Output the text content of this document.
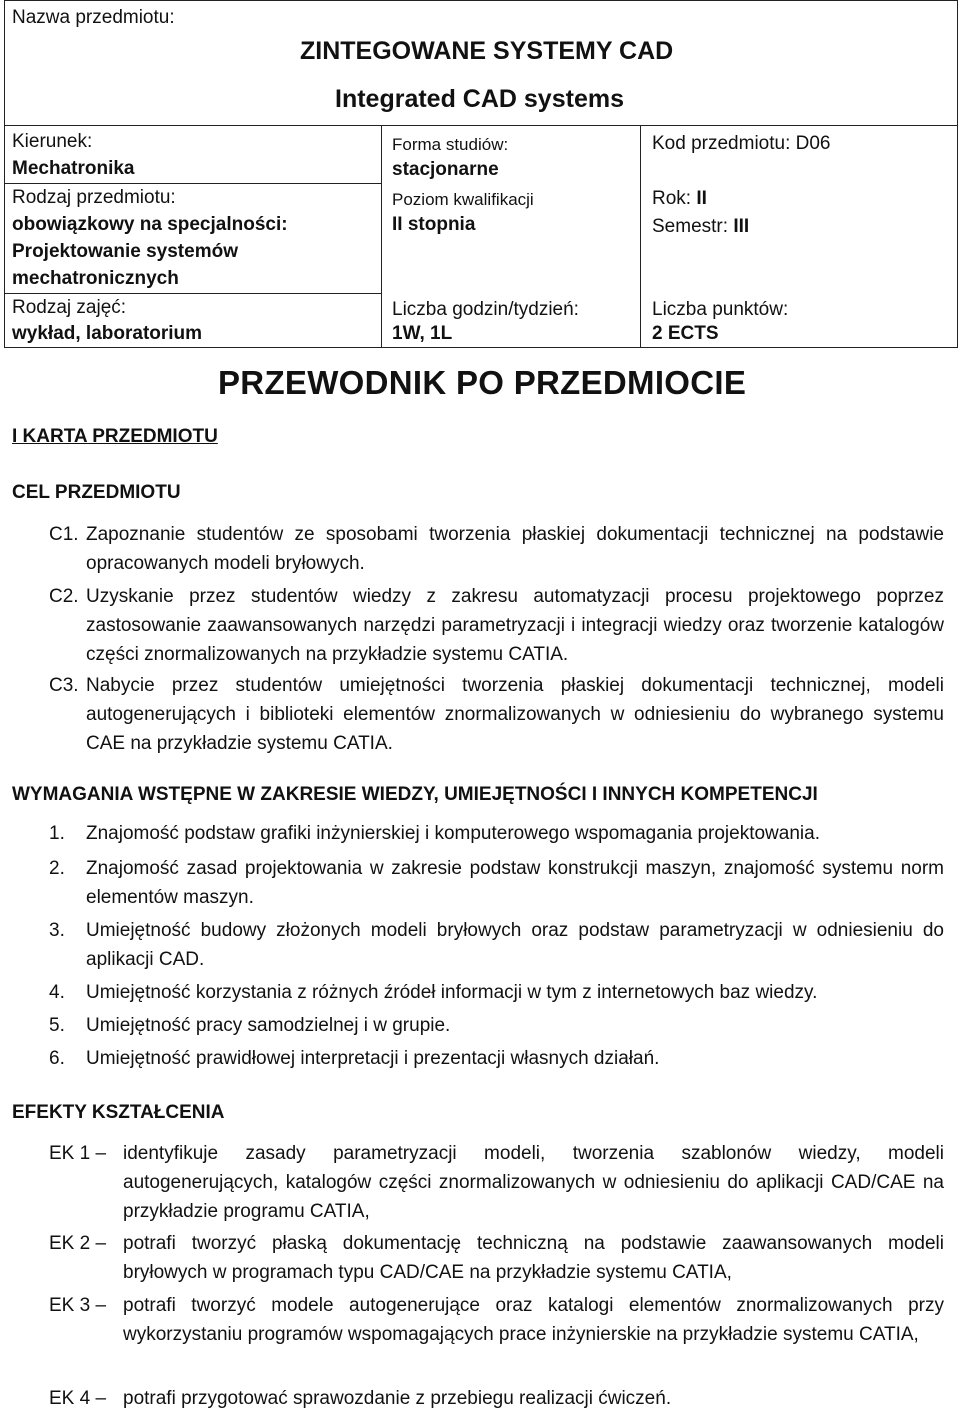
Nazwa przedmiotu:
ZINTEGOWANE SYSTEMY CAD
Integrated CAD systems
Kierunek:
Mechatronika
Rodzaj przedmiotu:
obowiązkowy na specjalności:
Projektowanie systemów
mechatronicznych
Rodzaj zajęć:
wykład, laboratorium
Forma studiów:
stacjonarne
Poziom kwalifikacji
II stopnia
Liczba godzin/tydzień:
1W, 1L
Kod przedmiotu: D06
Rok: II
Semestr: III
Liczba punktów:
2 ECTS
PRZEWODNIK PO PRZEDMIOCIE
I KARTA PRZEDMIOTU
CEL PRZEDMIOTU
C1. Zapoznanie studentów ze sposobami tworzenia płaskiej dokumentacji technicznej na podstawie opracowanych modeli bryłowych.
C2. Uzyskanie przez studentów wiedzy z zakresu automatyzacji procesu projektowego poprzez zastosowanie zaawansowanych narzędzi parametryzacji i integracji wiedzy oraz tworzenie katalogów części znormalizowanych na przykładzie systemu CATIA.
C3. Nabycie przez studentów umiejętności tworzenia płaskiej dokumentacji technicznej, modeli autogenerujących i biblioteki elementów znormalizowanych w odniesieniu do wybranego systemu CAE na przykładzie systemu CATIA.
WYMAGANIA WSTĘPNE W ZAKRESIE WIEDZY, UMIEJĘTNOŚCI I INNYCH KOMPETENCJI
1. Znajomość podstaw grafiki inżynierskiej i komputerowego wspomagania projektowania.
2. Znajomość zasad projektowania w zakresie podstaw konstrukcji maszyn, znajomość systemu norm elementów maszyn.
3. Umiejętność budowy złożonych modeli bryłowych oraz podstaw parametryzacji w odniesieniu do aplikacji CAD.
4. Umiejętność korzystania z różnych źródeł informacji w tym z internetowych baz wiedzy.
5. Umiejętność pracy samodzielnej i w grupie.
6. Umiejętność prawidłowej interpretacji i prezentacji własnych działań.
EFEKTY KSZTAŁCENIA
EK 1 – identyfikuje zasady parametryzacji modeli, tworzenia szablonów wiedzy, modeli autogenerujących, katalogów części znormalizowanych w odniesieniu do aplikacji CAD/CAE na przykładzie programu CATIA,
EK 2 – potrafi tworzyć płaską dokumentację techniczną na podstawie zaawansowanych modeli bryłowych w programach typu CAD/CAE na przykładzie systemu CATIA,
EK 3 – potrafi tworzyć modele autogenerujące oraz katalogi elementów znormalizowanych przy wykorzystaniu programów wspomagających prace inżynierskie na przykładzie systemu CATIA,
EK 4 – potrafi przygotować sprawozdanie z przebiegu realizacji ćwiczeń.
